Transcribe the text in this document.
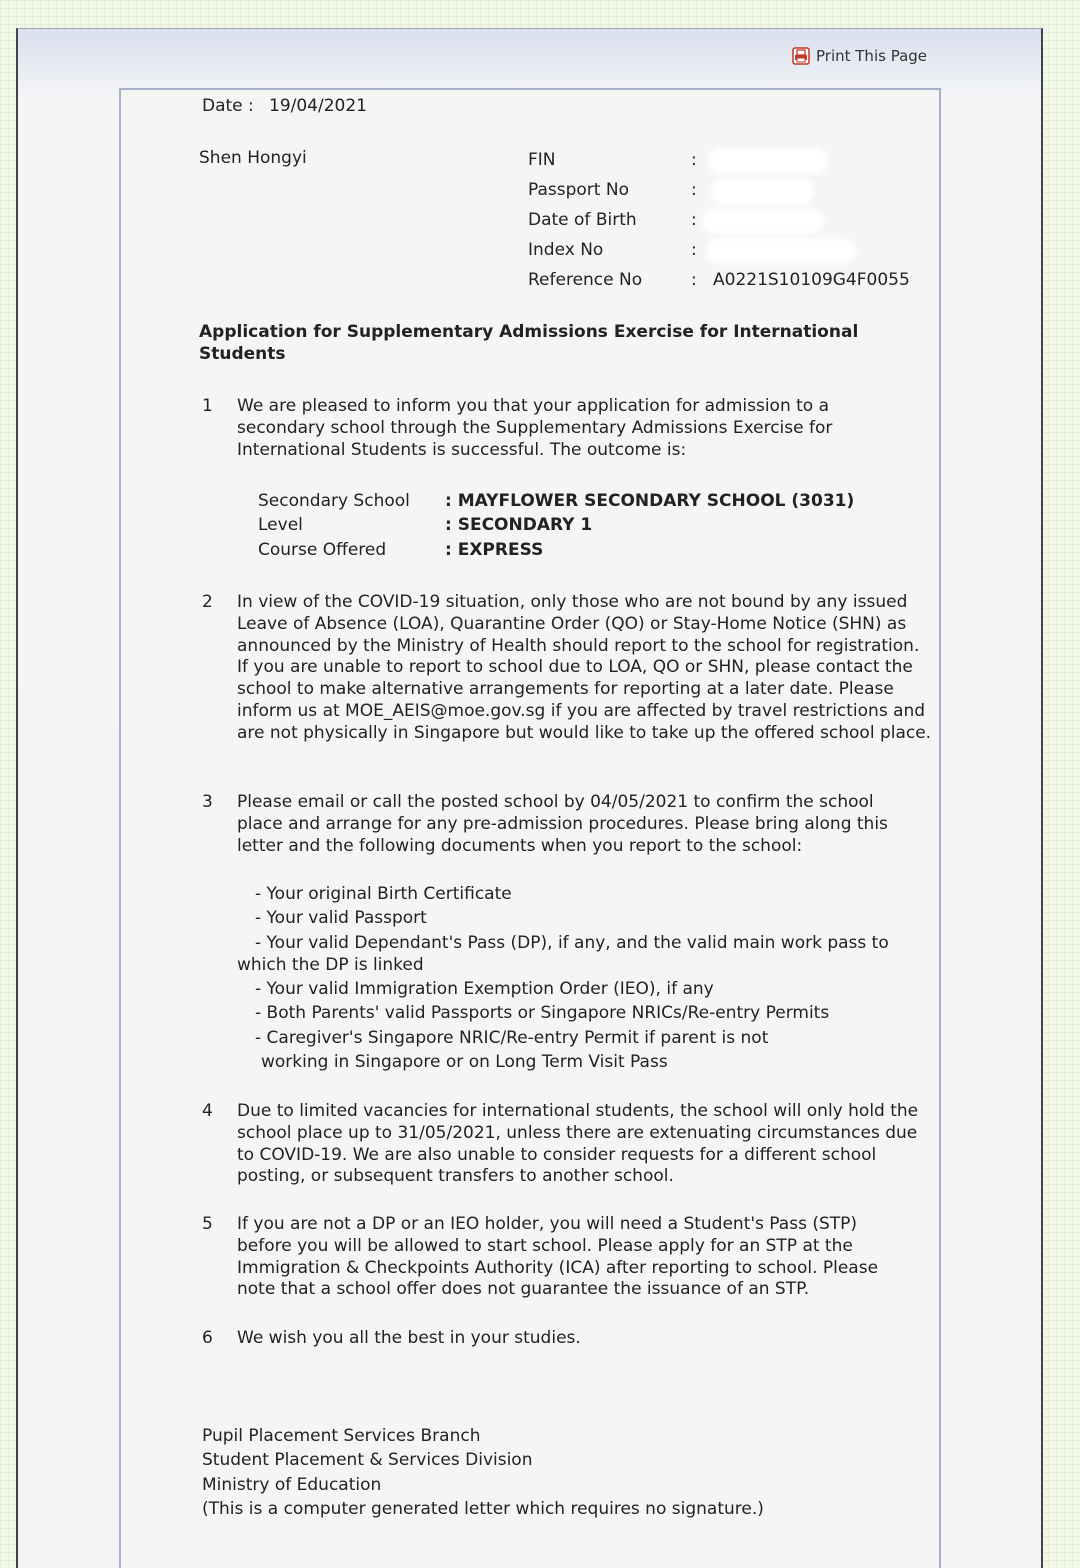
Print This Page
Date : 19/04/2021
Shen Hongyi	FIN	:
Passport No	:
Date of Birth	:
Index No	:
Reference No	: A0221S10109G4F0055
Application for Supplementary Admissions Exercise for International
Students
1 We are pleased to inform you that your application for admission to a secondary school through the Supplementary Admissions Exercise for International Students is successful. The outcome is:
Secondary School : MAYFLOWER SECONDARY SCHOOL (3031)
Level	: SECONDARY 1
Course Offered	: EXPRESS
2 In view of the COVID-19 situation, only those who are not bound by any issued Leave of Absence (LOA), Quarantine Order (QO) or Stay-Home Notice (SHN) as announced by the Ministry of Health should report to the school for registration. If you are unable to report to school due to LOA, QO or SHN, please contact the school to make alternative arrangements for reporting at a later date. Please inform us at MOE_AEIS@moe.gov.sg if you are affected by travel restrictions and are not physically in Singapore but would like to take up the offered school place.
3 Please email or call the posted school by 04/05/2021 to confirm the school place and arrange for any pre-admission procedures. Please bring along this letter and the following documents when you report to the school:
- Your original Birth Certificate
- Your valid Passport
- Your valid Dependant's Pass (DP), if any, and the valid main work pass to
which the DP is linked
- Your valid Immigration Exemption Order (IEO), if any
- Both Parents' valid Passports or Singapore NRICs/Re-entry Permits
- Caregiver's Singapore NRIC/Re-entry Permit if parent is not
working in Singapore or on Long Term Visit Pass
4 Due to limited vacancies for international students, the school will only hold the school place up to 31/05/2021, unless there are extenuating circumstances due to COVID-19. We are also unable to consider requests for a different school posting, or subsequent transfers to another school.
5 If you are not a DP or an IEO holder, you will need a Student's Pass (STP) before you will be allowed to start school. Please apply for an STP at the Immigration & Checkpoints Authority (ICA) after reporting to school. Please note that a school offer does not guarantee the issuance of an STP.
6 We wish you all the best in your studies.
Pupil Placement Services Branch
Student Placement & Services Division
Ministry of Education
(This is a computer generated letter which requires no signature.)
